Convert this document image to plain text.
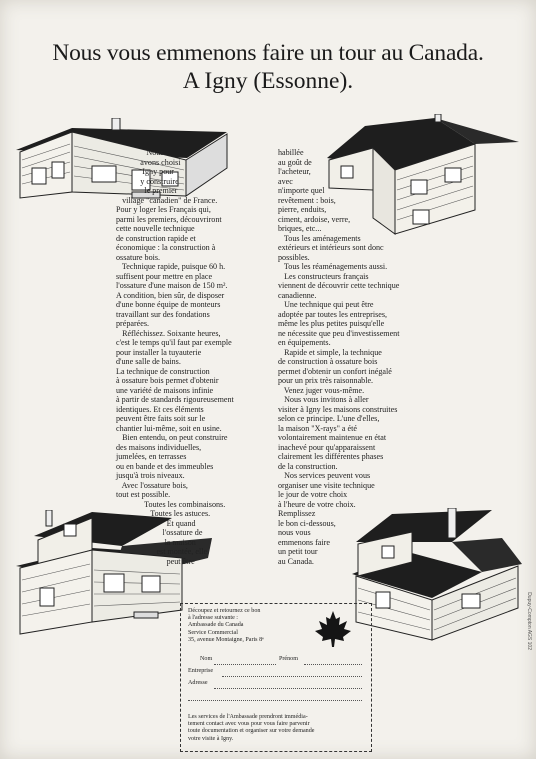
Nous vous emmenons faire un tour au Canada.
A Igny (Essonne).
Nous
avons choisi
Igny pour
y construire
le premier
village "canadien" de France.
Pour y loger les Français qui,
parmi les premiers, découvriront
cette nouvelle technique
de construction rapide et
économique : la construction à
ossature bois.
Technique rapide, puisque 60 h.
suffisent pour mettre en place
l'ossature d'une maison de 150 m².
A condition, bien sûr, de disposer
d'une bonne équipe de monteurs
travaillant sur des fondations
préparées.
Réfléchissez. Soixante heures,
c'est le temps qu'il faut par exemple
pour installer la tuyauterie
d'une salle de bains.
La technique de construction
à ossature bois permet d'obtenir
une variété de maisons infinie
à partir de standards rigoureusement
identiques. Et ces éléments
peuvent être faits soit sur le
chantier lui-même, soit en usine.
Bien entendu, on peut construire
des maisons individuelles,
jumelées, en terrasses
ou en bande et des immeubles
jusqu'à trois niveaux.
Avec l'ossature bois,
tout est possible.
Toutes les combinaisons.
Toutes les astuces.
Et quand
l'ossature de
la maison
est montée, elle
peut être
habillée
au goût de
l'acheteur,
avec
n'importe quel
revêtement : bois,
pierre, enduits,
ciment, ardoise, verre,
briques, etc...
Tous les aménagements
extérieurs et intérieurs sont donc
possibles.
Tous les réaménagements aussi.
Les constructeurs français
viennent de découvrir cette technique
canadienne.
Une technique qui peut être
adoptée par toutes les entreprises,
même les plus petites puisqu'elle
ne nécessite que peu d'investissement
en équipements.
Rapide et simple, la technique
de construction à ossature bois
permet d'obtenir un confort inégalé
pour un prix très raisonnable.
Venez juger vous-même.
Nous vous invitons à aller
visiter à Igny les maisons construites
selon ce principe. L'une d'elles,
la maison "X-rays" a été
volontairement maintenue en état
inachevé pour qu'apparaissent
clairement les différentes phases
de la construction.
Nos services peuvent vous
organiser une visite technique
le jour de votre choix
à l'heure de votre choix.
Remplissez
le bon ci-dessous,
nous vous
emmenons faire
un petit tour
au Canada.
Découpez et retournez ce bon
à l'adresse suivante :
Ambassade du Canada
Service Commercial
35, avenue Montaigne, Paris 8ᵉ
Nom	Prénom
Entreprise
Adresse
Les services de l'Ambassade prendront immédia-
tement contact avec vous pour vous faire parvenir
toute documentation et organiser sur votre demande
votre visite à Igny.
Dupuy-Compton AGS 102
